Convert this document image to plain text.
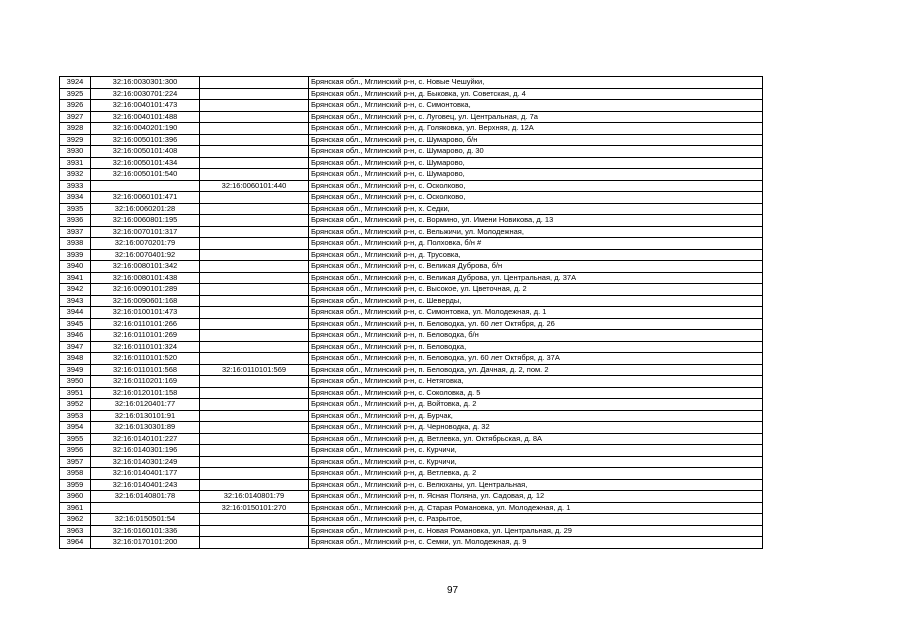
3924	32:16:0030301:300		Брянская обл., Мглинский р-н, с. Новые Чешуйки,
3925	32:16:0030701:224		Брянская обл., Мглинский р-н, д. Быковка, ул. Советская, д. 4
3926	32:16:0040101:473		Брянская обл., Мглинский р-н, с. Симонтовка,
3927	32:16:0040101:488		Брянская обл., Мглинский р-н, с. Луговец, ул. Центральная, д. 7а
3928	32:16:0040201:190		Брянская обл., Мглинский р-н, д. Голяковка, ул. Верхняя, д. 12А
3929	32:16:0050101:396		Брянская обл., Мглинский р-н, с. Шумарово, б/н
3930	32:16:0050101:408		Брянская обл., Мглинский р-н, с. Шумарово, д. 30
3931	32:16:0050101:434		Брянская обл., Мглинский р-н, с. Шумарово,
3932	32:16:0050101:540		Брянская обл., Мглинский р-н, с. Шумарово,
3933		32:16:0060101:440	Брянская обл., Мглинский р-н, с. Осколково,
3934	32:16:0060101:471		Брянская обл., Мглинский р-н, с. Осколково,
3935	32:16:0060201:28		Брянская обл., Мглинский р-н, х. Седки,
3936	32:16:0060801:195		Брянская обл., Мглинский р-н, с. Вормино, ул. Имени Новикова, д. 13
3937	32:16:0070101:317		Брянская обл., Мглинский р-н, с. Вельжичи, ул. Молодежная,
3938	32:16:0070201:79		Брянская обл., Мглинский р-н, д. Полховка, б/н #
3939	32:16:0070401:92		Брянская обл., Мглинский р-н, д. Трусовка,
3940	32:16:0080101:342		Брянская обл., Мглинский р-н, с. Великая Дуброва, б/н
3941	32:16:0080101:438		Брянская обл., Мглинский р-н, с. Великая Дуброва, ул. Центральная, д. 37А
3942	32:16:0090101:289		Брянская обл., Мглинский р-н, с. Высокое, ул. Цветочная, д. 2
3943	32:16:0090601:168		Брянская обл., Мглинский р-н, с. Шеверды,
3944	32:16:0100101:473		Брянская обл., Мглинский р-н, с. Симонтовка, ул. Молодежная, д. 1
3945	32:16:0110101:266		Брянская обл., Мглинский р-н, п. Беловодка, ул. 60 лет Октября, д. 26
3946	32:16:0110101:269		Брянская обл., Мглинский р-н, п. Беловодка, б/н
3947	32:16:0110101:324		Брянская обл., Мглинский р-н, п. Беловодка,
3948	32:16:0110101:520		Брянская обл., Мглинский р-н, п. Беловодка, ул. 60 лет Октября, д. 37А
3949	32:16:0110101:568	32:16:0110101:569	Брянская обл., Мглинский р-н, п. Беловодка, ул. Дачная, д. 2, пом. 2
3950	32:16:0110201:169		Брянская обл., Мглинский р-н, с. Нетяговка,
3951	32:16:0120101:158		Брянская обл., Мглинский р-н, с. Соколовка, д. 5
3952	32:16:0120401:77		Брянская обл., Мглинский р-н, д. Войтовка, д. 2
3953	32:16:0130101:91		Брянская обл., Мглинский р-н, д. Бурчак,
3954	32:16:0130301:89		Брянская обл., Мглинский р-н, д. Черноводка, д. 32
3955	32:16:0140101:227		Брянская обл., Мглинский р-н, д. Ветлевка, ул. Октябрьская, д. 8А
3956	32:16:0140301:196		Брянская обл., Мглинский р-н, с. Курчичи,
3957	32:16:0140301:249		Брянская обл., Мглинский р-н, с. Курчичи,
3958	32:16:0140401:177		Брянская обл., Мглинский р-н, д. Ветлевка, д. 2
3959	32:16:0140401:243		Брянская обл., Мглинский р-н, с. Велюханы, ул. Центральная,
3960	32:16:0140801:78	32:16:0140801:79	Брянская обл., Мглинский р-н, п. Ясная Поляна, ул. Садовая, д. 12
3961		32:16:0150101:270	Брянская обл., Мглинский р-н, д. Старая Романовка, ул. Молодежная, д. 1
3962	32:16:0150501:54		Брянская обл., Мглинский р-н, с. Разрытое,
3963	32:16:0160101:336		Брянская обл., Мглинский р-н, с. Новая Романовка, ул. Центральная, д. 29
3964	32:16:0170101:200		Брянская обл., Мглинский р-н, с. Семки, ул. Молодежная, д. 9
97
